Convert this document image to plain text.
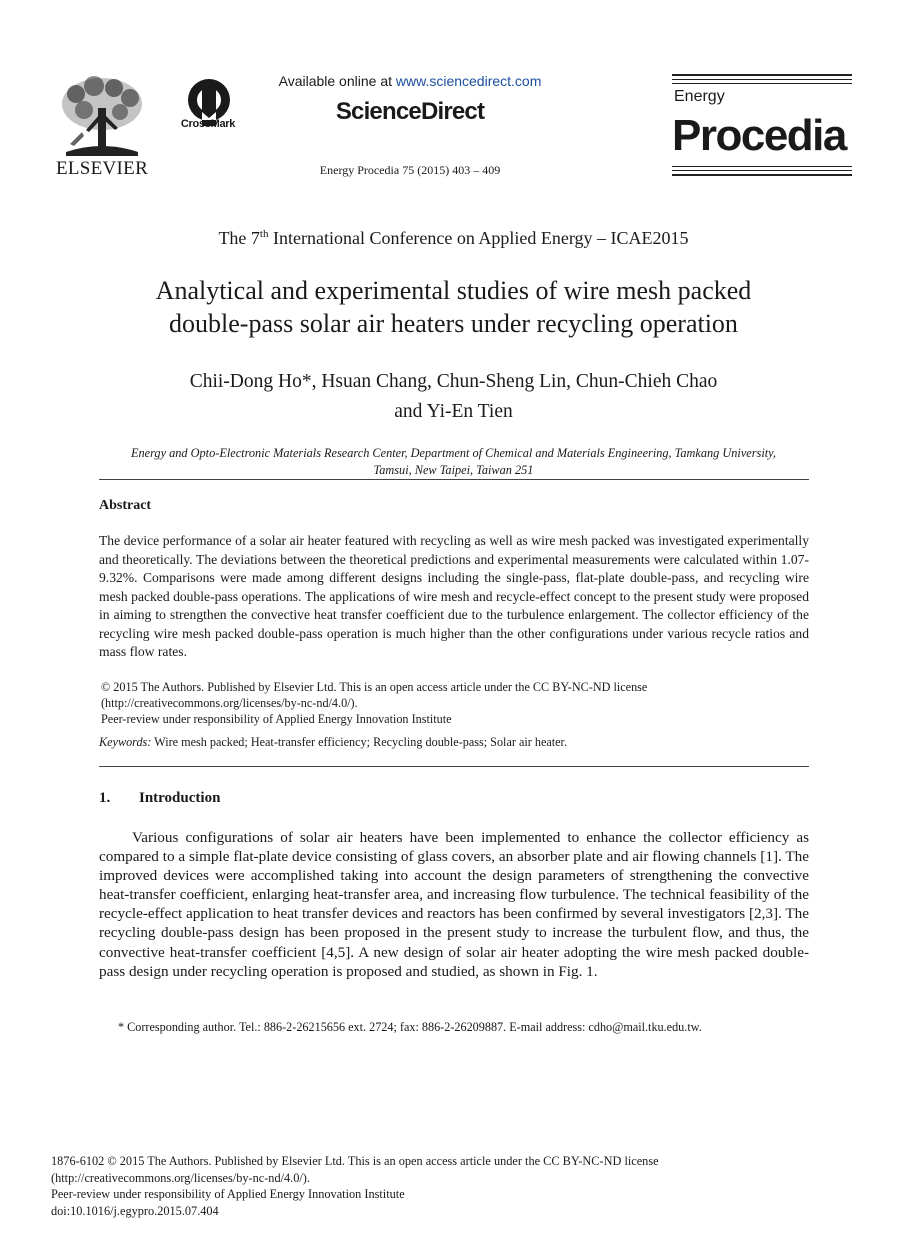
ELSEVIER
CrossMark
Available online at www.sciencedirect.com
ScienceDirect
Energy Procedia 75 (2015) 403 – 409
Energy
Procedia
The 7th International Conference on Applied Energy – ICAE2015
Analytical and experimental studies of wire mesh packed
double-pass solar air heaters under recycling operation
Chii-Dong Ho*, Hsuan Chang, Chun-Sheng Lin, Chun-Chieh Chao
and Yi-En Tien
Energy and Opto-Electronic Materials Research Center, Department of Chemical and Materials Engineering, Tamkang University,
Tamsui, New Taipei, Taiwan 251
Abstract
The device performance of a solar air heater featured with recycling as well as wire mesh packed was investigated experimentally and theoretically. The deviations between the theoretical predictions and experimental measurements were calculated within 1.07-9.32%. Comparisons were made among different designs including the single-pass, flat-plate double-pass, and recycling wire mesh packed double-pass operations. The applications of wire mesh and recycle-effect concept to the present study were proposed in aiming to strengthen the convective heat transfer coefficient due to the turbulence enlargement. The collector efficiency of the recycling wire mesh packed double-pass operation is much higher than the other configurations under various recycle ratios and mass flow rates.
© 2015 The Authors. Published by Elsevier Ltd. This is an open access article under the CC BY-NC-ND license
(http://creativecommons.org/licenses/by-nc-nd/4.0/).
Peer-review under responsibility of Applied Energy Innovation Institute
Keywords: Wire mesh packed; Heat-transfer efficiency; Recycling double-pass; Solar air heater.
1. Introduction
Various configurations of solar air heaters have been implemented to enhance the collector efficiency as compared to a simple flat-plate device consisting of glass covers, an absorber plate and air flowing channels [1]. The improved devices were accomplished taking into account the design parameters of strengthening the convective heat-transfer coefficient, enlarging heat-transfer area, and increasing flow turbulence. The technical feasibility of the recycle-effect application to heat transfer devices and reactors has been confirmed by several investigators [2,3]. The recycling double-pass design has been proposed in the present study to increase the turbulent flow, and thus, the convective heat-transfer coefficient [4,5]. A new design of solar air heater adopting the wire mesh packed double-pass design under recycling operation is proposed and studied, as shown in Fig. 1.
* Corresponding author. Tel.: 886-2-26215656 ext. 2724; fax: 886-2-26209887. E-mail address: cdho@mail.tku.edu.tw.
1876-6102 © 2015 The Authors. Published by Elsevier Ltd. This is an open access article under the CC BY-NC-ND license
(http://creativecommons.org/licenses/by-nc-nd/4.0/).
Peer-review under responsibility of Applied Energy Innovation Institute
doi:10.1016/j.egypro.2015.07.404
